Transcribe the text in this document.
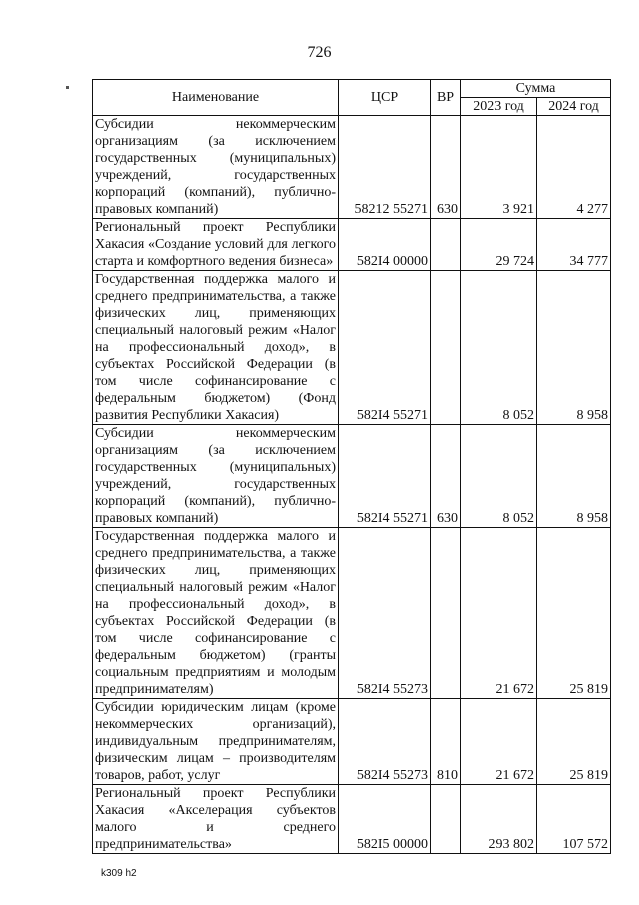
726
Наименование	ЦСР	ВР	Сумма	
			2023 год	2024 год
Субсидии некоммерческим организациям (за исключением государственных (муниципальных) учреждений, государственных корпораций (компаний), публично-правовых компаний)	58212 55271	630	3 921	4 277
Региональный проект Республики Хакасия «Создание условий для легкого старта и комфортного ведения бизнеса»	582I4 00000		29 724	34 777
Государственная поддержка малого и среднего предпринимательства, а также физических лиц, применяющих специальный налоговый режим «Налог на профессиональный доход», в субъектах Российской Федерации (в том числе софинансирование с федеральным бюджетом) (Фонд развития Республики Хакасия)	582I4 55271		8 052	8 958
Субсидии некоммерческим организациям (за исключением государственных (муниципальных) учреждений, государственных корпораций (компаний), публично-правовых компаний)	582I4 55271	630	8 052	8 958
Государственная поддержка малого и среднего предпринимательства, а также физических лиц, применяющих специальный налоговый режим «Налог на профессиональный доход», в субъектах Российской Федерации (в том числе софинансирование с федеральным бюджетом) (гранты социальным предприятиям и молодым предпринимателям)	582I4 55273		21 672	25 819
Субсидии юридическим лицам (кроме некоммерческих организаций), индивидуальным предпринимателям, физическим лицам – производителям товаров, работ, услуг	582I4 55273	810	21 672	25 819
Региональный проект Республики Хакасия «Акселерация субъектов малого и среднего предпринимательства»	582I5 00000		293 802	107 572
k309 h2
